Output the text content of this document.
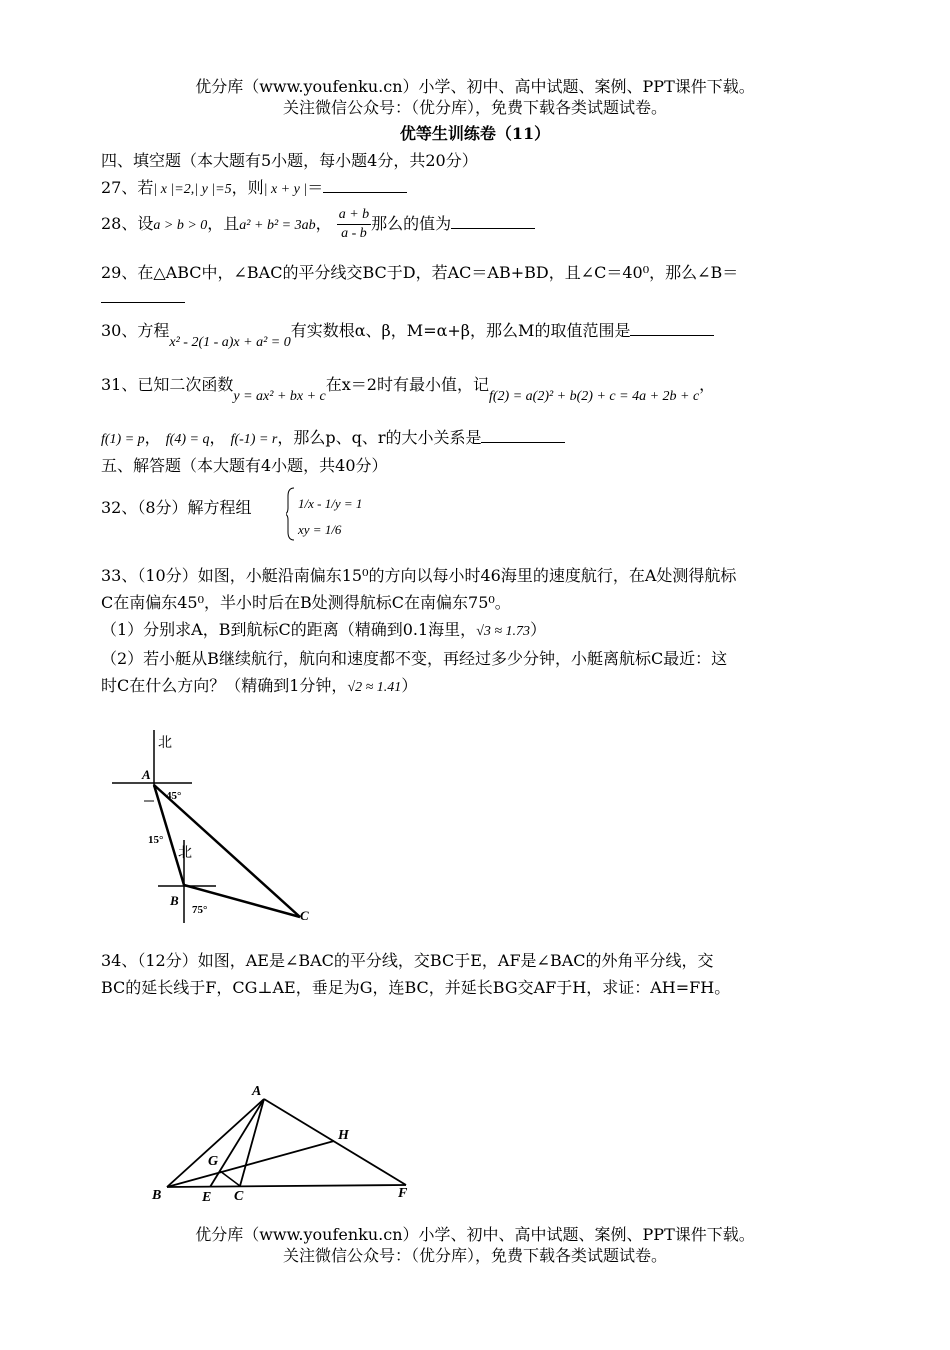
优分库（www.youfenku.cn）小学、初中、高中试题、案例、PPT课件下载。
关注微信公众号：（优分库），免费下载各类试题试卷。
优等生训练卷（11）
四、填空题（本大题有5小题，每小题4分，共20分）
27、若| x |=2,| y |=5，则| x + y |＝
28、设a > b > 0，且a² + b² = 3ab， $\frac{a + b}{a - b}$ 那么的值为
29、在△ABC中，∠BAC的平分线交BC于D，若AC＝AB+BD，且∠C＝40⁰，那么∠B＝
30、方程x² - 2(1 - a)x + a² = 0有实数根α、β，M=α+β，那么M的取值范围是
31、已知二次函数y = ax² + bx + c在x＝2时有最小值，记f(2) = a(2)² + b(2) + c = 4a + 2b + c，
f(1) = p， f(4) = q， f(-1) = r，那么p、q、r的大小关系是
五、解答题（本大题有4小题，共40分）
32、（8分）解方程组	1/x - 1/y = 1
xy = 1/6
33、（10分）如图，小艇沿南偏东15⁰的方向以每小时46海里的速度航行，在A处测得航标
C在南偏东45⁰，半小时后在B处测得航标C在南偏东75⁰。
（1）分别求A，B到航标C的距离（精确到0.1海里，√3 ≈ 1.73）
（2）若小艇从B继续航行，航向和速度都不变，再经过多少分钟，小艇离航标C最近：这
时C在什么方向？（精确到1分钟，√2 ≈ 1.41）
北
A
45°
15°
北
B
75°	C
34、（12分）如图，AE是∠BAC的平分线，交BC于E，AF是∠BAC的外角平分线，交
BC的延长线于F，CG⊥AE，垂足为G，连BC，并延长BG交AF于H，求证：AH=FH。
A
B	E C	F
G
H
优分库（www.youfenku.cn）小学、初中、高中试题、案例、PPT课件下载。
关注微信公众号：（优分库），免费下载各类试题试卷。
